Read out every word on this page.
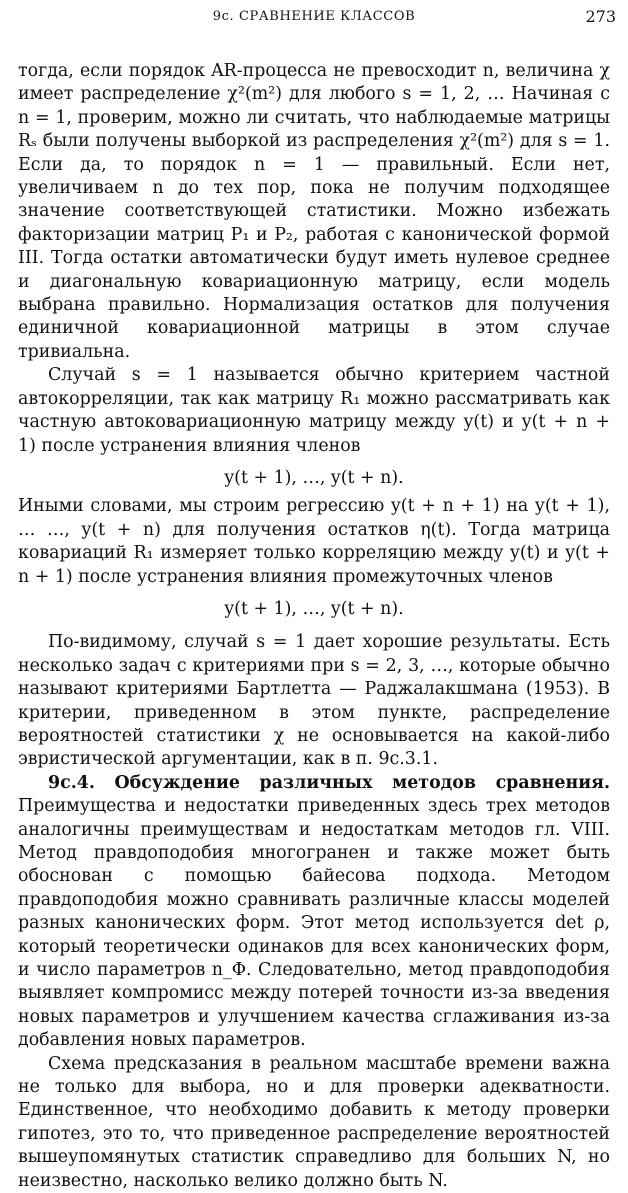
9с. СРАВНЕНИЕ КЛАССОВ	273

тогда, если порядок AR-процесса не превосходит n, величина χ имеет распределение χ²(m²) для любого s = 1, 2, … Начиная с n = 1, проверим, можно ли считать, что наблюдаемые матрицы Rₛ были получены выборкой из распределения χ²(m²) для s = 1. Если да, то порядок n = 1 — правильный. Если нет, увеличиваем n до тех пор, пока не получим подходящее значение соответствующей статистики. Можно избежать факторизации матриц P₁ и P₂, работая с канонической формой III. Тогда остатки автоматически будут иметь нулевое среднее и диагональную ковариационную матрицу, если модель выбрана правильно. Нормализация остатков для получения единичной ковариационной матрицы в этом случае тривиальна.

Случай s = 1 называется обычно критерием частной автокорреляции, так как матрицу R₁ можно рассматривать как частную автоковариационную матрицу между y(t) и y(t + n + 1) после устранения влияния членов

y(t + 1), …, y(t + n).

Иными словами, мы строим регрессию y(t + n + 1) на y(t + 1), … …, y(t + n) для получения остатков η(t). Тогда матрица ковариаций R₁ измеряет только корреляцию между y(t) и y(t + n + 1) после устранения влияния промежуточных членов

y(t + 1), …, y(t + n).

По-видимому, случай s = 1 дает хорошие результаты. Есть несколько задач с критериями при s = 2, 3, …, которые обычно называют критериями Бартлетта — Раджалакшмана (1953). В критерии, приведенном в этом пункте, распределение вероятностей статистики χ не основывается на какой-либо эвристической аргументации, как в п. 9с.3.1.

9с.4. Обсуждение различных методов сравнения. Преимущества и недостатки приведенных здесь трех методов аналогичны преимуществам и недостаткам методов гл. VIII. Метод правдоподобия многогранен и также может быть обоснован с помощью байесова подхода. Методом правдоподобия можно сравнивать различные классы моделей разных канонических форм. Этот метод используется det ρ, который теоретически одинаков для всех канонических форм, и число параметров n_Φ. Следовательно, метод правдоподобия выявляет компромисс между потерей точности из-за введения новых параметров и улучшением качества сглаживания из-за добавления новых параметров.

Схема предсказания в реальном масштабе времени важна не только для выбора, но и для проверки адекватности. Единственное, что необходимо добавить к методу проверки гипотез, это то, что приведенное распределение вероятностей вышеупомянутых статистик справедливо для больших N, но неизвестно, насколько велико должно быть N.
